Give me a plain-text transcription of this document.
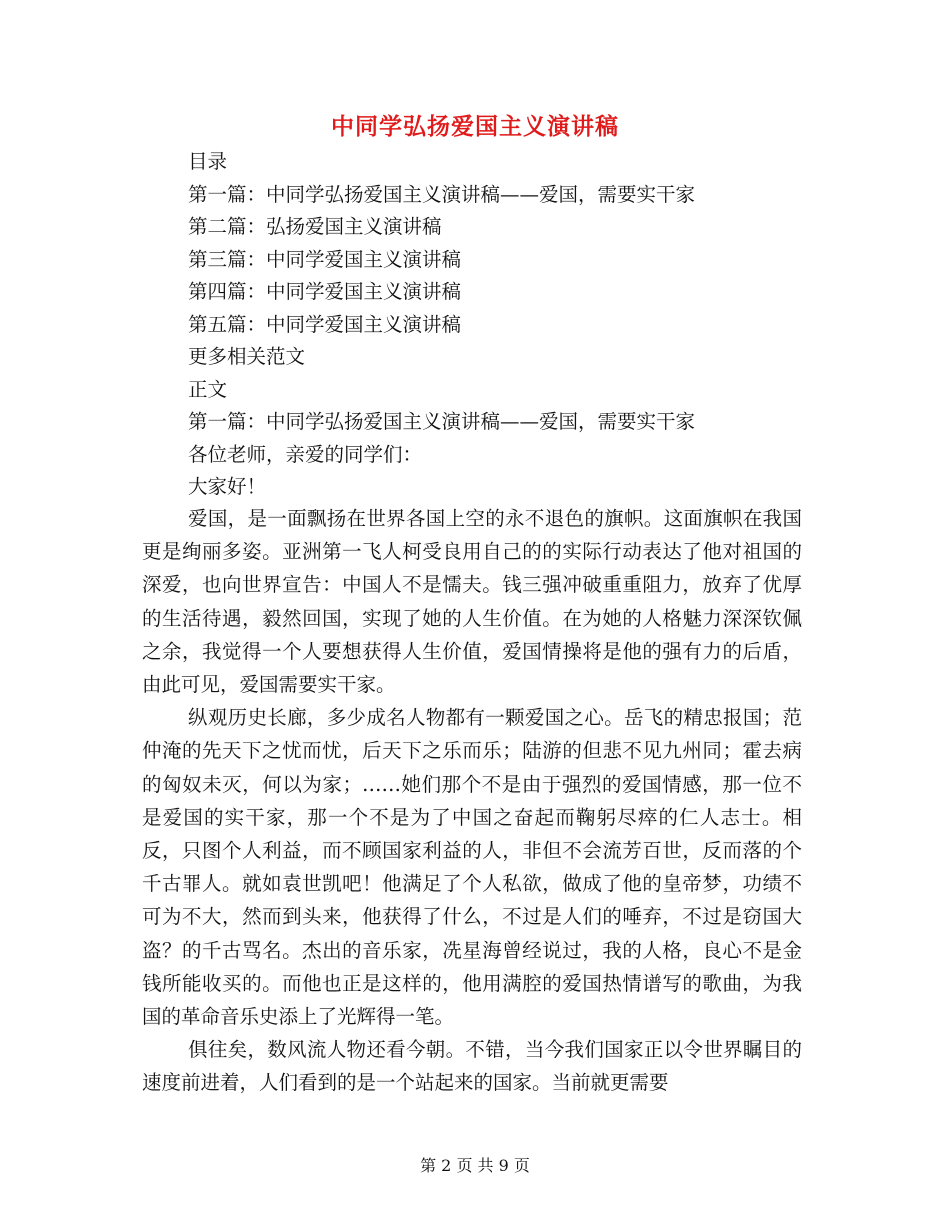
中同学弘扬爱国主义演讲稿
目录
第一篇：中同学弘扬爱国主义演讲稿——爱国，需要实干家
第二篇：弘扬爱国主义演讲稿
第三篇：中同学爱国主义演讲稿
第四篇：中同学爱国主义演讲稿
第五篇：中同学爱国主义演讲稿
更多相关范文
正文
第一篇：中同学弘扬爱国主义演讲稿——爱国，需要实干家
各位老师，亲爱的同学们：
大家好！

爱国，是一面飘扬在世界各国上空的永不退色的旗帜。这面旗帜在我国更是绚丽多姿。亚洲第一飞人柯受良用自己的的实际行动表达了他对祖国的深爱，也向世界宣告：中国人不是懦夫。钱三强冲破重重阻力，放弃了优厚的生活待遇，毅然回国，实现了她的人生价值。在为她的人格魅力深深钦佩之余，我觉得一个人要想获得人生价值，爱国情操将是他的强有力的后盾，由此可见，爱国需要实干家。

纵观历史长廊，多少成名人物都有一颗爱国之心。岳飞的精忠报国；范仲淹的先天下之忧而忧，后天下之乐而乐；陆游的但悲不见九州同；霍去病的匈奴未灭，何以为家；……她们那个不是由于强烈的爱国情感，那一位不是爱国的实干家，那一个不是为了中国之奋起而鞠躬尽瘁的仁人志士。相反，只图个人利益，而不顾国家利益的人，非但不会流芳百世，反而落的个千古罪人。就如袁世凯吧！他满足了个人私欲，做成了他的皇帝梦，功绩不可为不大，然而到头来，他获得了什么，不过是人们的唾弃，不过是窃国大盗？的千古骂名。杰出的音乐家，冼星海曾经说过，我的人格，良心不是金钱所能收买的。而他也正是这样的，他用满腔的爱国热情谱写的歌曲，为我国的革命音乐史添上了光辉得一笔。

俱往矣，数风流人物还看今朝。不错，当今我们国家正以令世界瞩目的速度前进着，人们看到的是一个站起来的国家。当前就更需要

第 2 页 共 9 页
